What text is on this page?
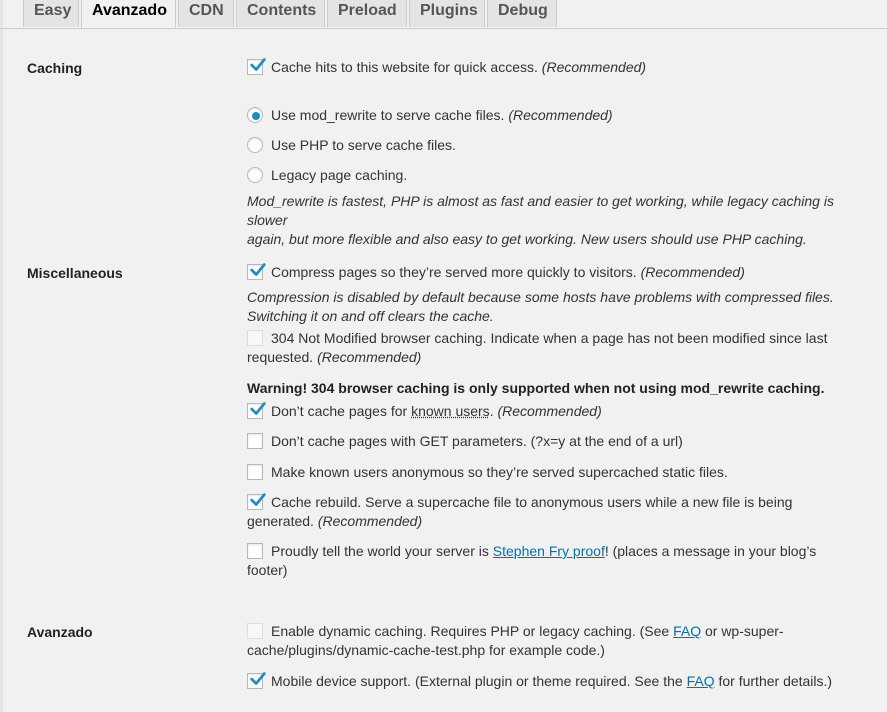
Easy	Avanzado	CDN	Contents	Preload	Plugins	Debug
Caching	Cache hits to this website for quick access. (Recommended)
Use mod_rewrite to serve cache files. (Recommended)
Use PHP to serve cache files.
Legacy page caching.
Mod_rewrite is fastest, PHP is almost as fast and easier to get working, while legacy caching is slower
again, but more flexible and also easy to get working. New users should use PHP caching.
Miscellaneous	Compress pages so they’re served more quickly to visitors. (Recommended)
Compression is disabled by default because some hosts have problems with compressed files.
Switching it on and off clears the cache.
304 Not Modified browser caching. Indicate when a page has not been modified since last
requested. (Recommended)
Warning! 304 browser caching is only supported when not using mod_rewrite caching.
Don’t cache pages for known users. (Recommended)
Don’t cache pages with GET parameters. (?x=y at the end of a url)
Make known users anonymous so they’re served supercached static files.
Cache rebuild. Serve a supercache file to anonymous users while a new file is being
generated. (Recommended)
Proudly tell the world your server is Stephen Fry proof! (places a message in your blog’s
footer)
Avanzado	Enable dynamic caching. Requires PHP or legacy caching. (See FAQ or wp-super-
cache/plugins/dynamic-cache-test.php for example code.)
Mobile device support. (External plugin or theme required. See the FAQ for further details.)
